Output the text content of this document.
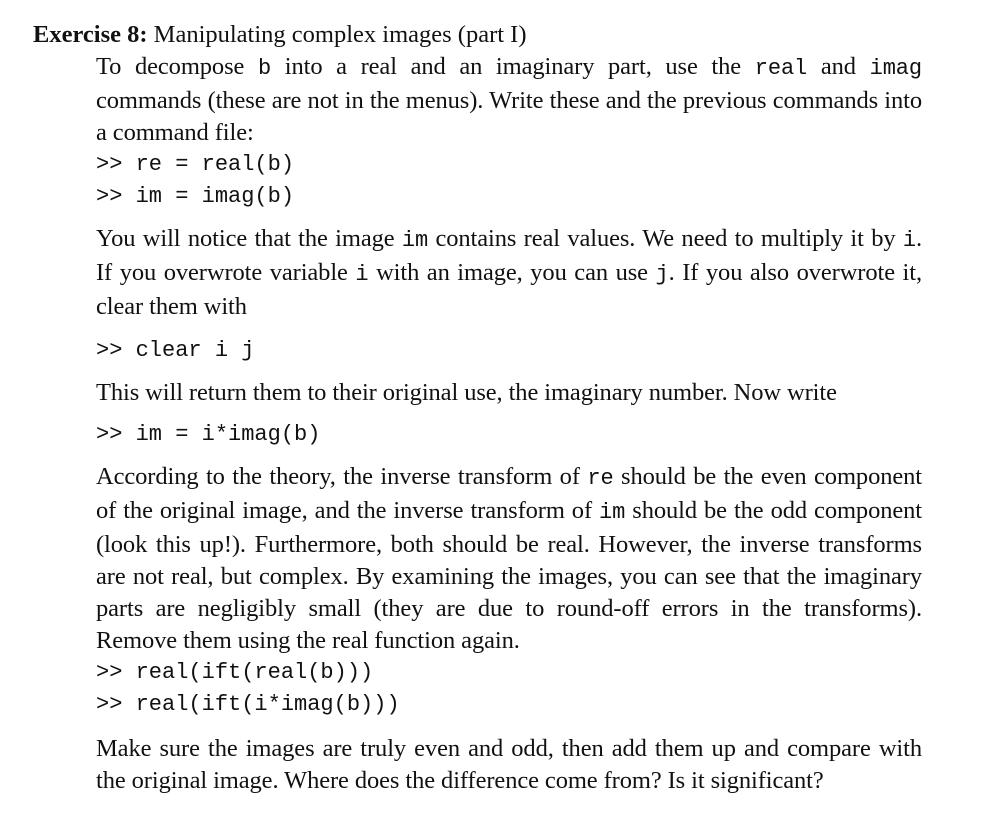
Exercise 8: Manipulating complex images (part I)

To decompose b into a real and an imaginary part, use the real and imag commands (these are not in the menus). Write these and the previous commands into a command file:

>> re = real(b)
>> im = imag(b)

You will notice that the image im contains real values. We need to multiply it by i. If you overwrote variable i with an image, you can use j. If you also overwrote it, clear them with

>> clear i j

This will return them to their original use, the imaginary number. Now write

>> im = i*imag(b)

According to the theory, the inverse transform of re should be the even component of the original image, and the inverse transform of im should be the odd component (look this up!). Furthermore, both should be real. However, the inverse transforms are not real, but complex. By examining the images, you can see that the imaginary parts are negligibly small (they are due to round-off errors in the transforms). Remove them using the real function again.

>> real(ift(real(b)))
>> real(ift(i*imag(b)))

Make sure the images are truly even and odd, then add them up and compare with the original image. Where does the difference come from? Is it significant?
